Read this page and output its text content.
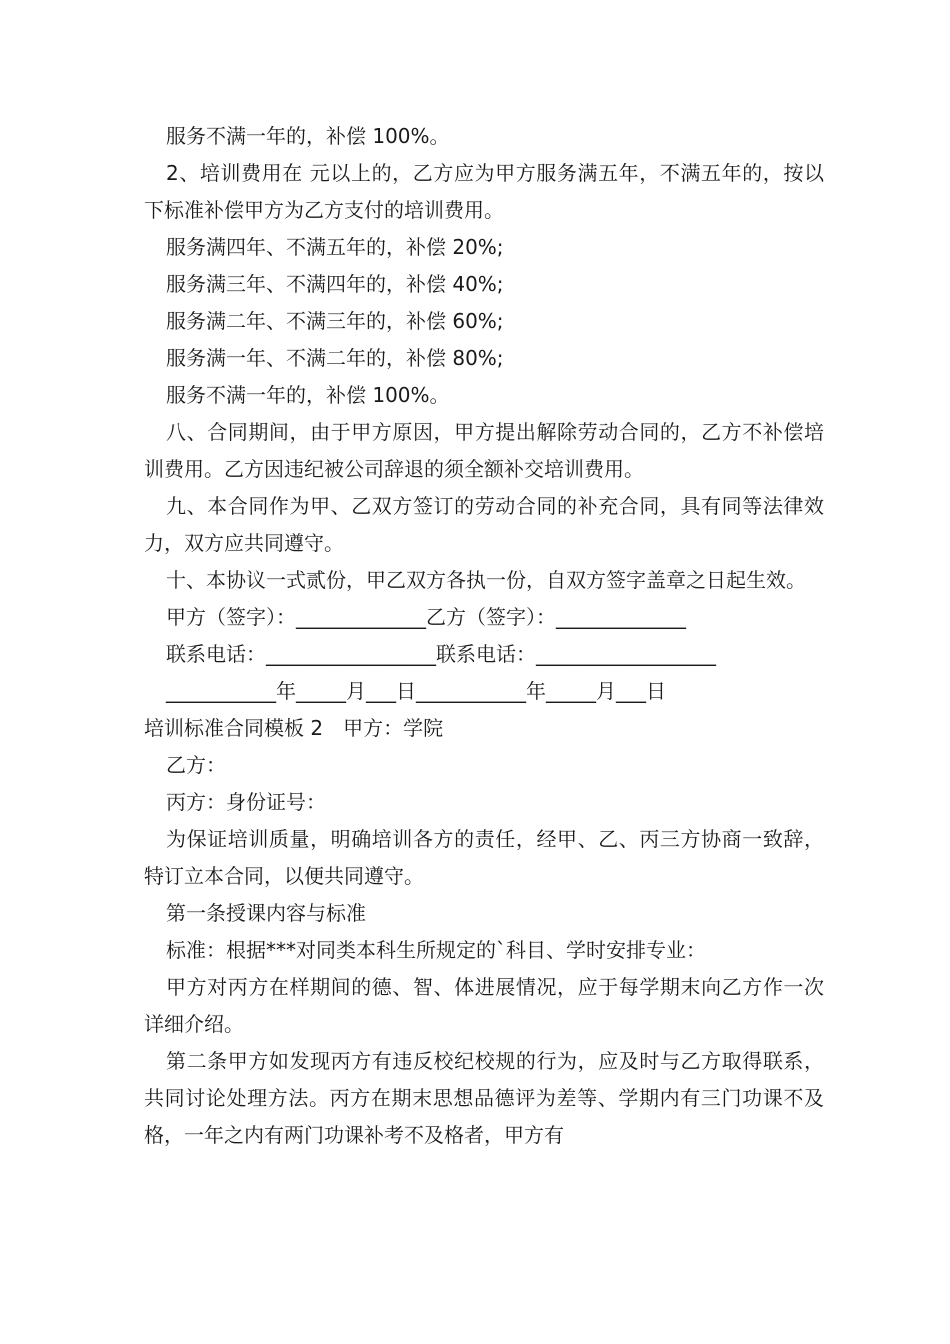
服务不满一年的，补偿 100%。

2、培训费用在 元以上的，乙方应为甲方服务满五年，不满五年的，按以下标准补偿甲方为乙方支付的培训费用。

服务满四年、不满五年的，补偿 20%;

服务满三年、不满四年的，补偿 40%;

服务满二年、不满三年的，补偿 60%;

服务满一年、不满二年的，补偿 80%;

服务不满一年的，补偿 100%。

八、合同期间，由于甲方原因，甲方提出解除劳动合同的，乙方不补偿培训费用。乙方因违纪被公司辞退的须全额补交培训费用。

九、本合同作为甲、乙双方签订的劳动合同的补充合同，具有同等法律效力，双方应共同遵守。

十、本协议一式贰份，甲乙双方各执一份，自双方签字盖章之日起生效。

甲方（签字）：_____________乙方（签字）：_____________

联系电话：_________________联系电话：__________________

___________年_____月___日___________年_____月___日

培训标准合同模板 2　甲方：学院

乙方：

丙方：身份证号：

为保证培训质量，明确培训各方的责任，经甲、乙、丙三方协商一致辞，特订立本合同，以便共同遵守。

第一条授课内容与标准

标准：根据***对同类本科生所规定的`科目、学时安排专业：

甲方对丙方在样期间的德、智、体进展情况，应于每学期末向乙方作一次详细介绍。

第二条甲方如发现丙方有违反校纪校规的行为，应及时与乙方取得联系，共同讨论处理方法。丙方在期末思想品德评为差等、学期内有三门功课不及格，一年之内有两门功课补考不及格者，甲方有
